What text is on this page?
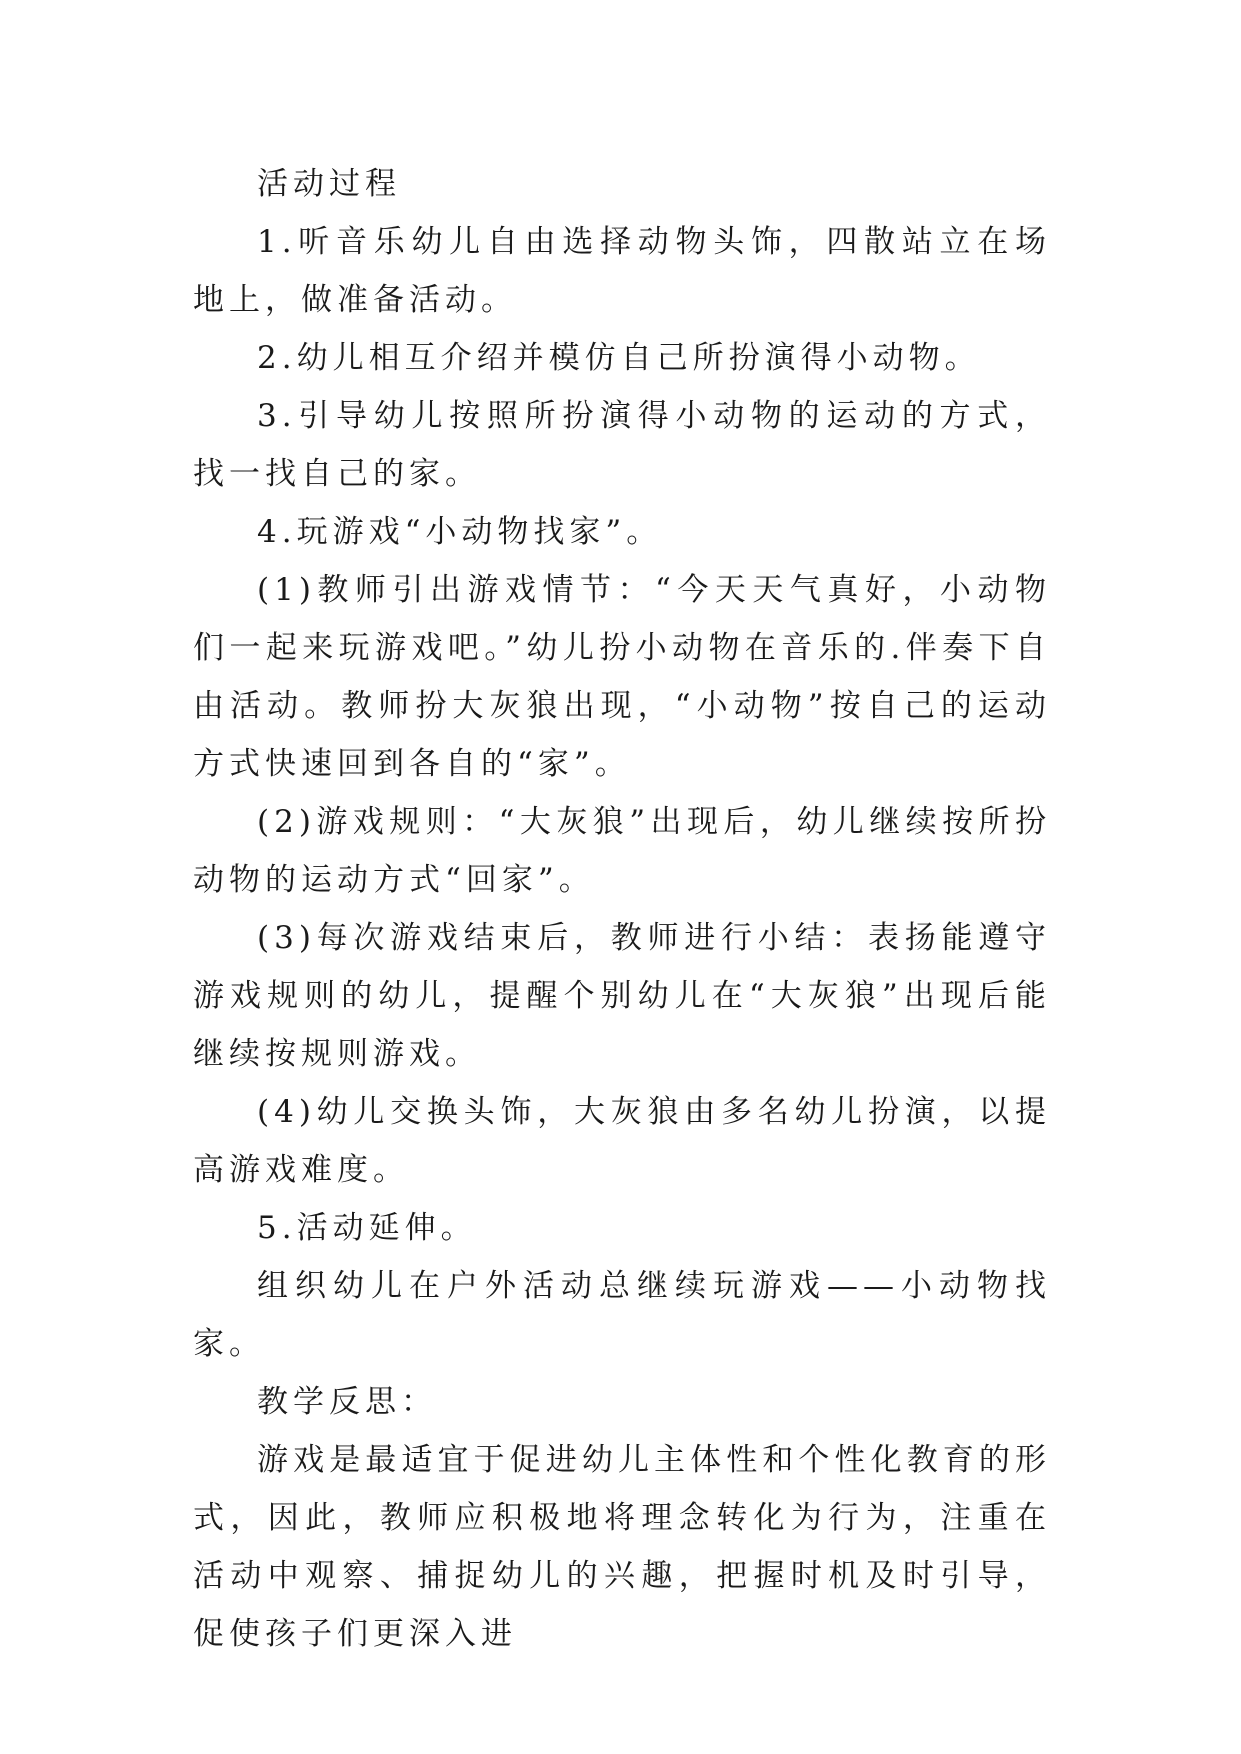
活动过程

1.听音乐幼儿自由选择动物头饰，四散站立在场地上，做准备活动。

2.幼儿相互介绍并模仿自己所扮演得小动物。

3.引导幼儿按照所扮演得小动物的运动的方式，找一找自己的家。

4.玩游戏“小动物找家”。

(1)教师引出游戏情节：“今天天气真好，小动物们一起来玩游戏吧。”幼儿扮小动物在音乐的.伴奏下自由活动。教师扮大灰狼出现，“小动物”按自己的运动方式快速回到各自的“家”。

(2)游戏规则：“大灰狼”出现后，幼儿继续按所扮动物的运动方式“回家”。

(3)每次游戏结束后，教师进行小结：表扬能遵守游戏规则的幼儿，提醒个别幼儿在“大灰狼”出现后能继续按规则游戏。

(4)幼儿交换头饰，大灰狼由多名幼儿扮演，以提高游戏难度。

5.活动延伸。

组织幼儿在户外活动总继续玩游戏——小动物找家。

教学反思：

游戏是最适宜于促进幼儿主体性和个性化教育的形式，因此，教师应积极地将理念转化为行为，注重在活动中观察、捕捉幼儿的兴趣，把握时机及时引导，促使孩子们更深入进
